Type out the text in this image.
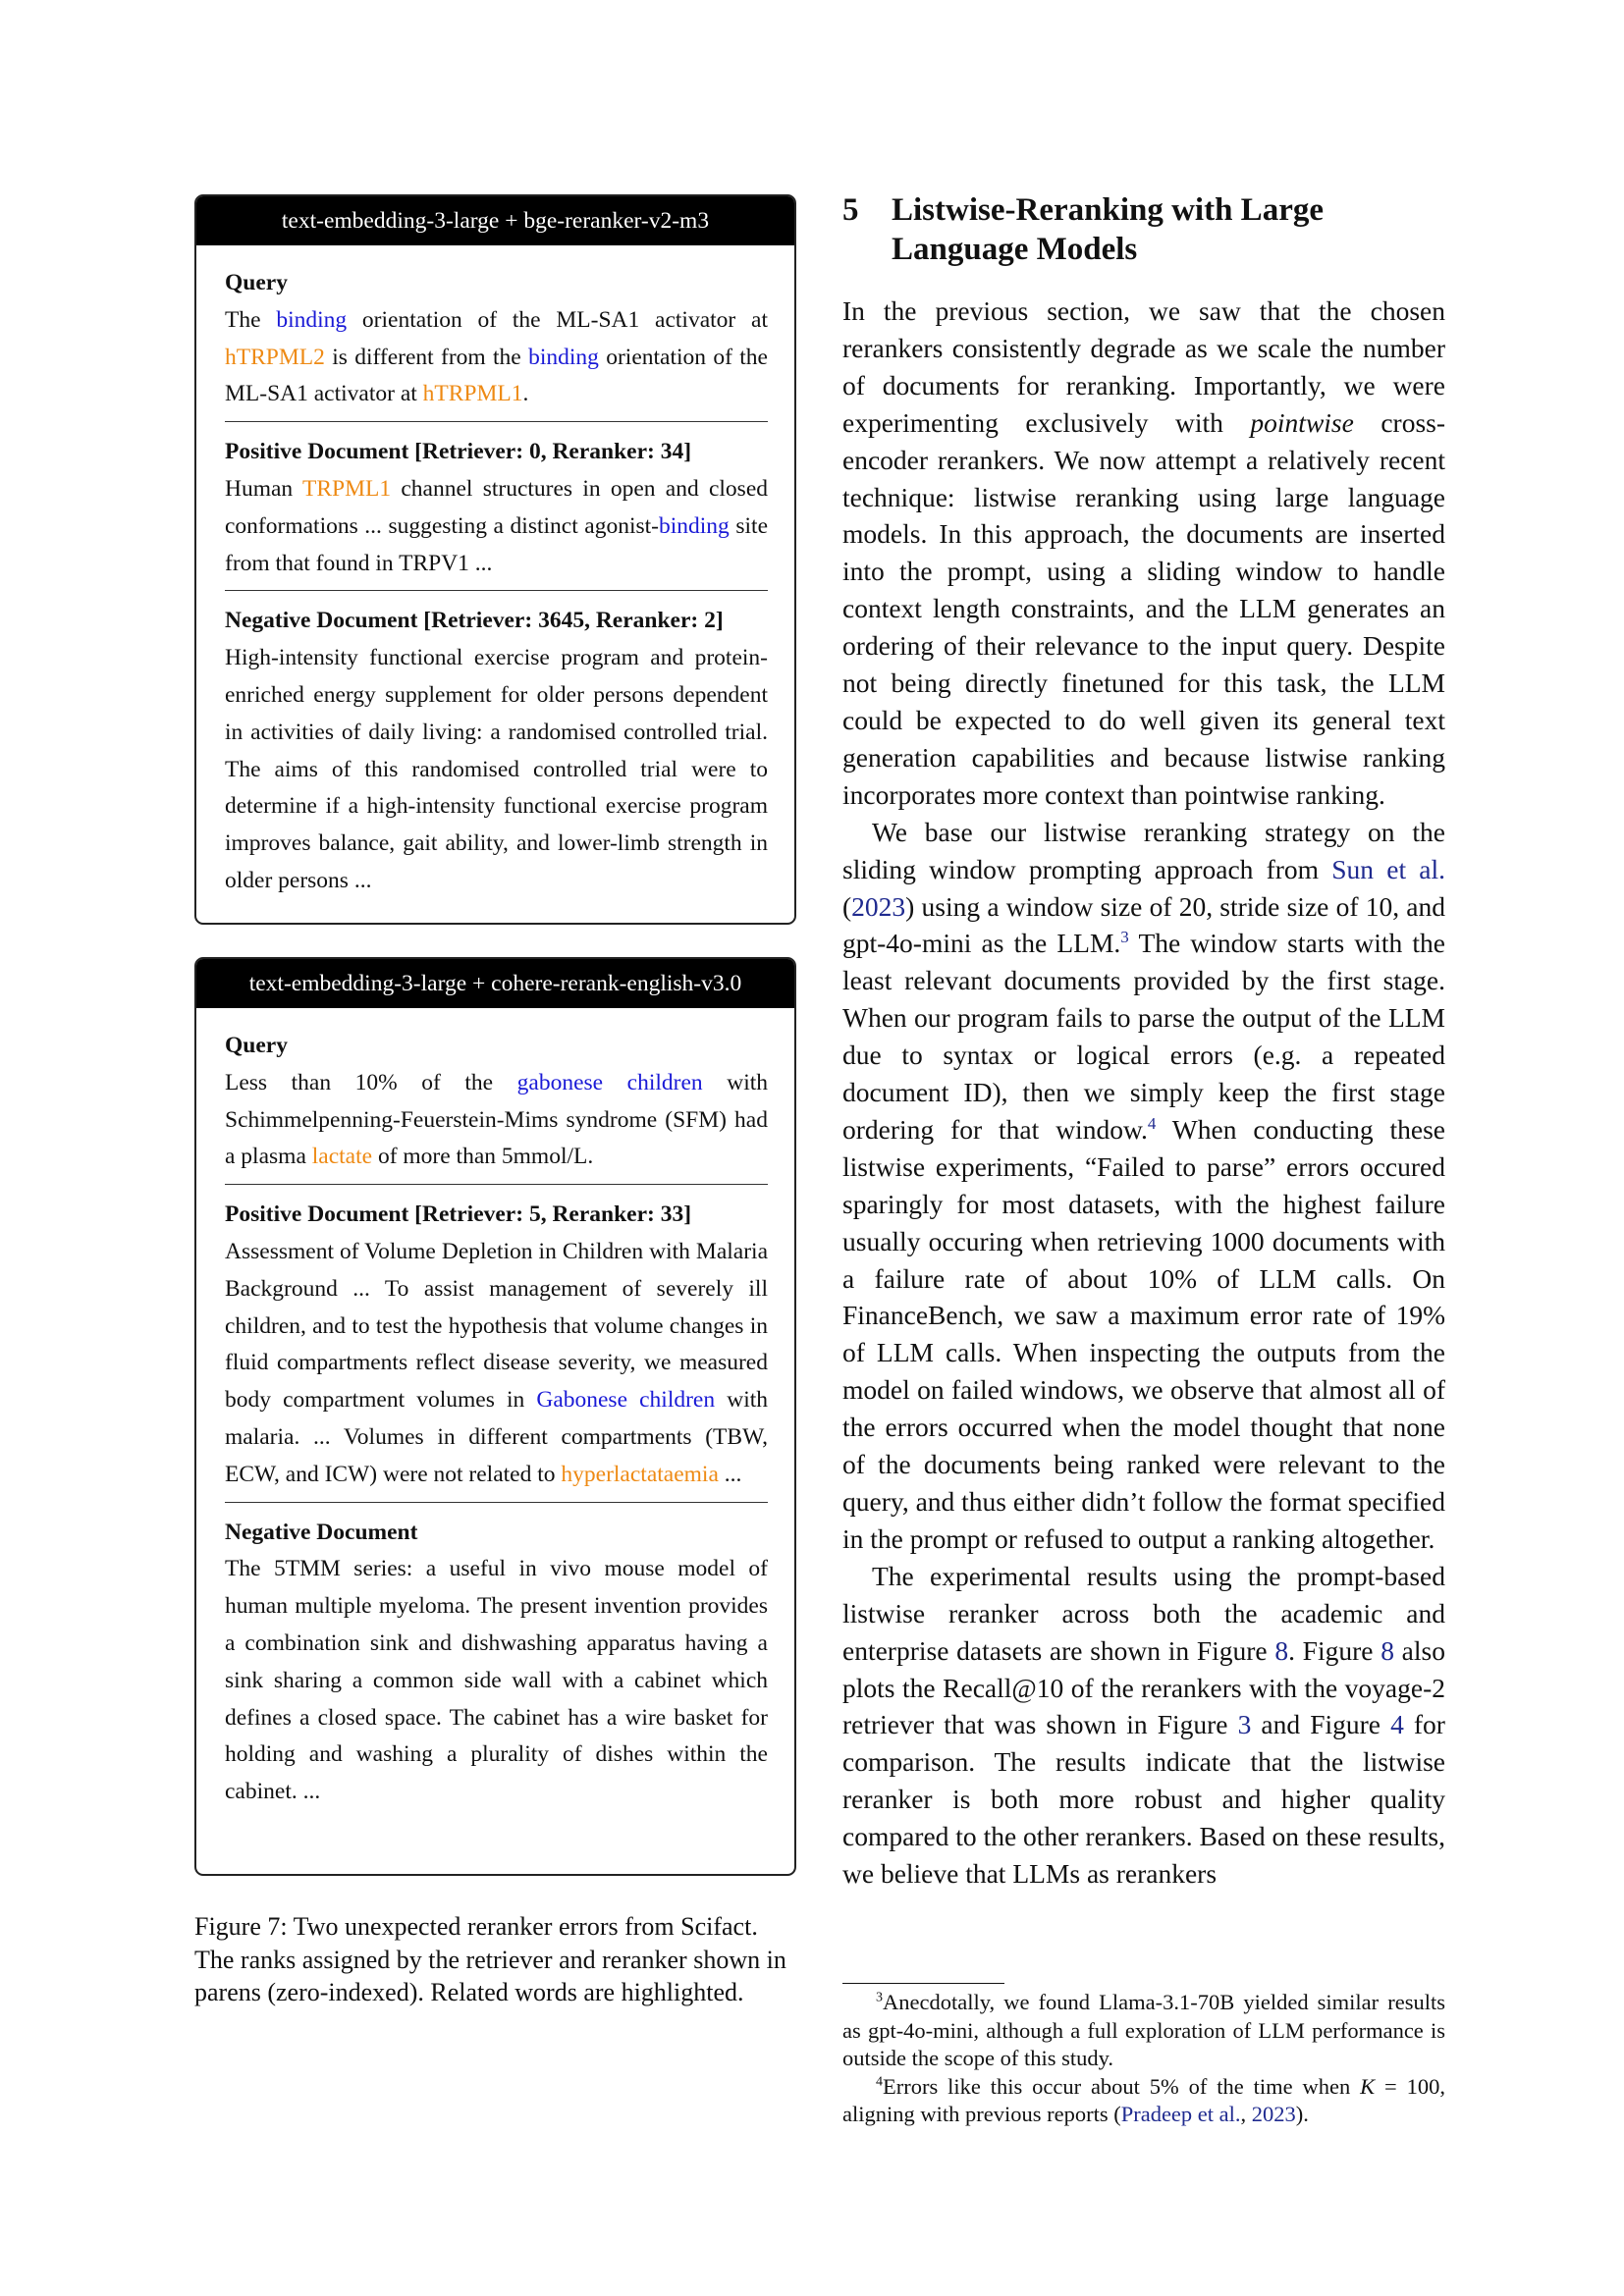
text-embedding-3-large + bge-reranker-v2-m3

Query

The binding orientation of the ML-SA1 activator at hTRPML2 is different from the binding orientation of the ML-SA1 activator at hTRPML1.

Positive Document [Retriever: 0, Reranker: 34]

Human TRPML1 channel structures in open and closed conformations ... suggesting a distinct agonist-binding site from that found in TRPV1 ...

Negative Document [Retriever: 3645, Reranker: 2]

High-intensity functional exercise program and protein-enriched energy supplement for older persons dependent in activities of daily living: a randomised controlled trial. The aims of this randomised controlled trial were to determine if a high-intensity functional exercise program improves balance, gait ability, and lower-limb strength in older persons ...

text-embedding-3-large + cohere-rerank-english-v3.0

Query

Less than 10% of the gabonese children with Schimmelpenning-Feuerstein-Mims syndrome (SFM) had a plasma lactate of more than 5mmol/L.

Positive Document [Retriever: 5, Reranker: 33]

Assessment of Volume Depletion in Children with Malaria Background ... To assist management of severely ill children, and to test the hypothesis that volume changes in fluid compartments reflect disease severity, we measured body compartment volumes in Gabonese children with malaria. ... Volumes in different compartments (TBW, ECW, and ICW) were not related to hyperlactataemia ...

Negative Document

The 5TMM series: a useful in vivo mouse model of human multiple myeloma. The present invention provides a combination sink and dishwashing apparatus having a sink sharing a common side wall with a cabinet which defines a closed space. The cabinet has a wire basket for holding and washing a plurality of dishes within the cabinet. ...

Figure 7: Two unexpected reranker errors from Scifact. The ranks assigned by the retriever and reranker shown in parens (zero-indexed). Related words are highlighted.

5	Listwise-Reranking with Large Language Models

In the previous section, we saw that the chosen rerankers consistently degrade as we scale the number of documents for reranking. Importantly, we were experimenting exclusively with pointwise cross-encoder rerankers. We now attempt a relatively recent technique: listwise reranking using large language models. In this approach, the documents are inserted into the prompt, using a sliding window to handle context length constraints, and the LLM generates an ordering of their relevance to the input query. Despite not being directly finetuned for this task, the LLM could be expected to do well given its general text generation capabilities and because listwise ranking incorporates more context than pointwise ranking.

We base our listwise reranking strategy on the sliding window prompting approach from Sun et al. (2023) using a window size of 20, stride size of 10, and gpt-4o-mini as the LLM.$^3$ The window starts with the least relevant documents provided by the first stage. When our program fails to parse the output of the LLM due to syntax or logical errors (e.g. a repeated document ID), then we simply keep the first stage ordering for that window.$^4$ When conducting these listwise experiments, “Failed to parse” errors occured sparingly for most datasets, with the highest failure usually occuring when retrieving 1000 documents with a failure rate of about 10% of LLM calls. On FinanceBench, we saw a maximum error rate of 19% of LLM calls. When inspecting the outputs from the model on failed windows, we observe that almost all of the errors occurred when the model thought that none of the documents being ranked were relevant to the query, and thus either didn’t follow the format specified in the prompt or refused to output a ranking altogether.

The experimental results using the prompt-based listwise reranker across both the academic and enterprise datasets are shown in Figure 8. Figure 8 also plots the Recall@10 of the rerankers with the voyage-2 retriever that was shown in Figure 3 and Figure 4 for comparison. The results indicate that the listwise reranker is both more robust and higher quality compared to the other rerankers. Based on these results, we believe that LLMs as rerankers

$^3$Anecdotally, we found Llama-3.1-70B yielded similar results as gpt-4o-mini, although a full exploration of LLM performance is outside the scope of this study.

$^4$Errors like this occur about 5% of the time when K = 100, aligning with previous reports (Pradeep et al., 2023).
